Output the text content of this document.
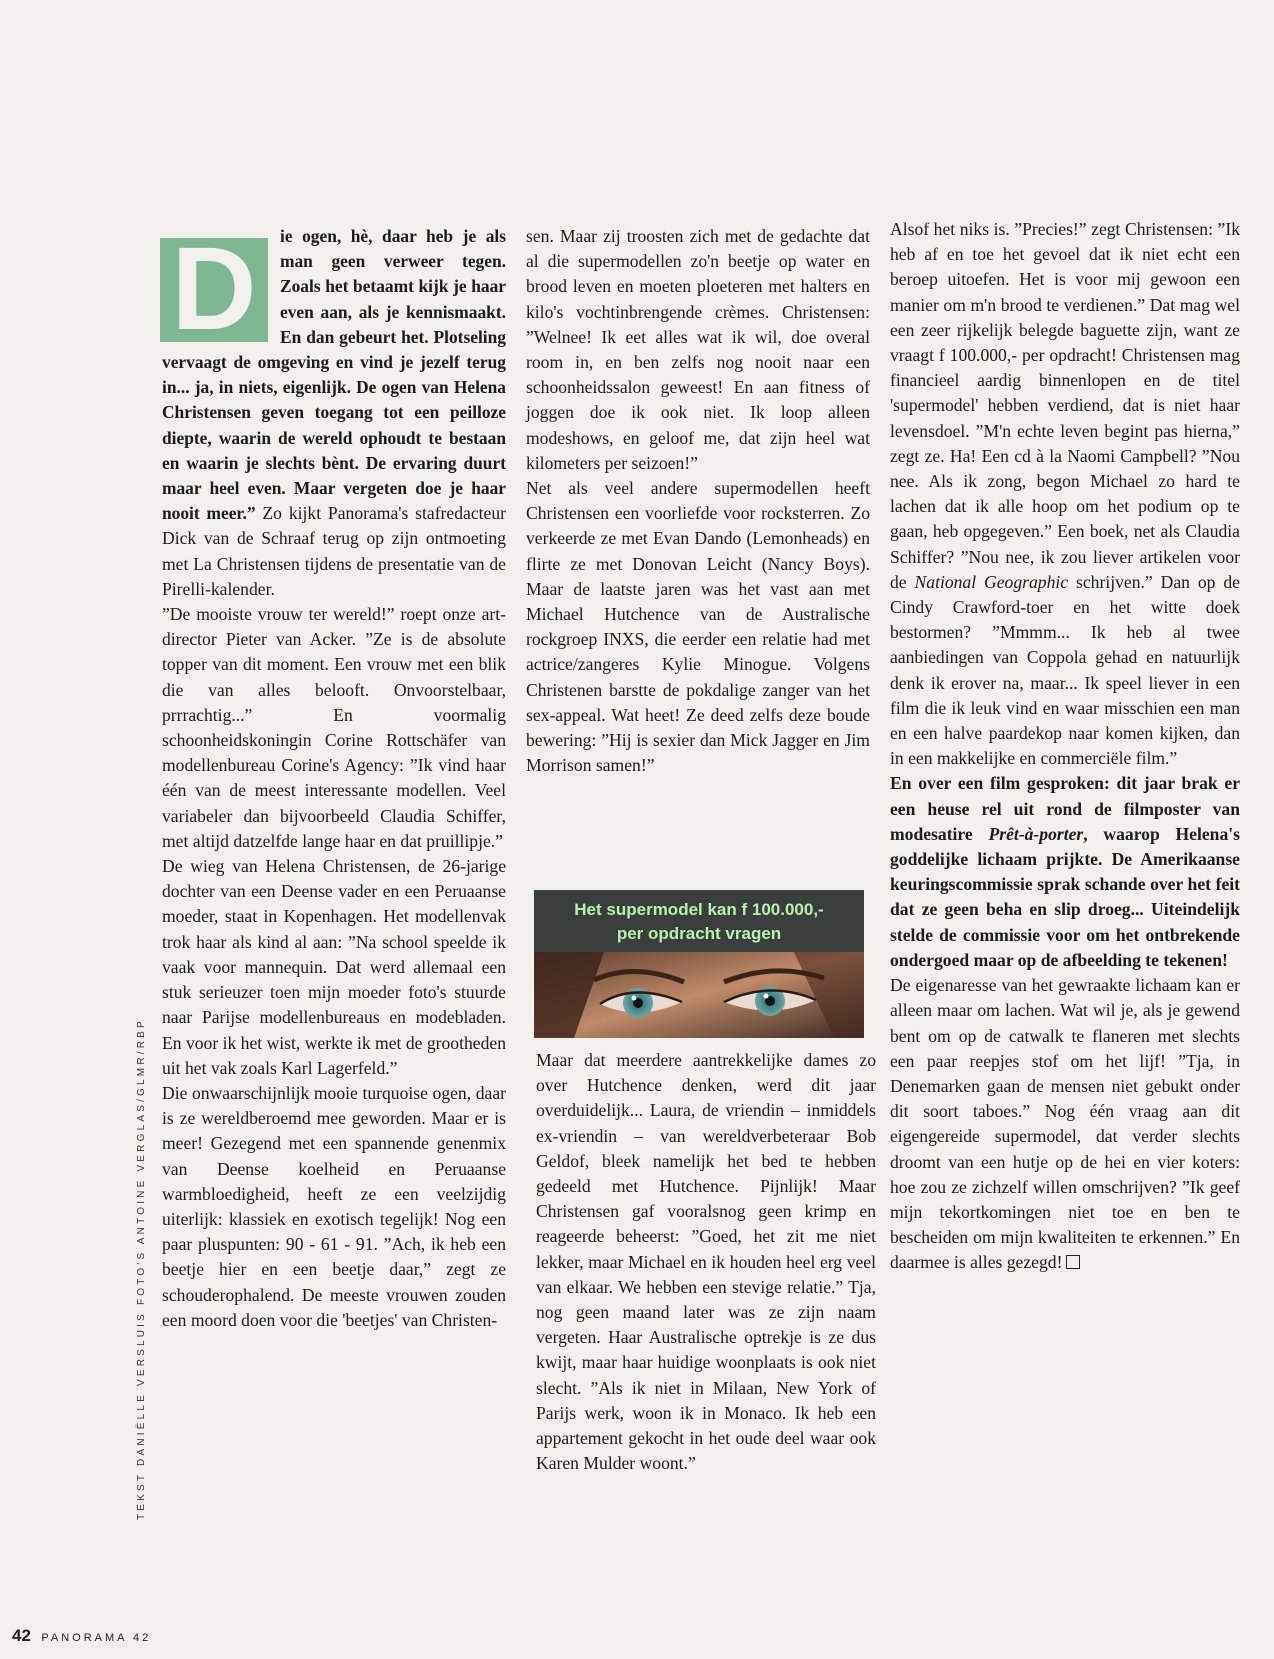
TEKST DANIËLLE VERSLUIS FOTO'S ANTOINE VERGLAS/GLMR/RBP

D	ie ogen, hè, daar heb je als man geen verweer tegen. Zoals het betaamt kijk je haar even aan, als je kennismaakt. En dan gebeurt het. Plotseling vervaagt de omgeving en vind je jezelf terug in... ja, in niets, eigenlijk. De ogen van Helena Christensen geven toegang tot een peilloze diepte, waarin de wereld ophoudt te bestaan en waarin je slechts bènt. De ervaring duurt maar heel even. Maar vergeten doe je haar nooit meer.” Zo kijkt Panorama's stafredacteur Dick van de Schraaf terug op zijn ontmoeting met La Christensen tijdens de presentatie van de Pirelli-kalender.

”De mooiste vrouw ter wereld!” roept onze art-director Pieter van Acker. ”Ze is de absolute topper van dit moment. Een vrouw met een blik die van alles belooft. Onvoorstelbaar, prrrachtig...” En voormalig schoonheidskoningin Corine Rottschäfer van modellenbureau Corine's Agency: ”Ik vind haar één van de meest interessante modellen. Veel variabeler dan bijvoorbeeld Claudia Schiffer, met altijd datzelfde lange haar en dat pruillipje.”

De wieg van Helena Christensen, de 26-jarige dochter van een Deense vader en een Peruaanse moeder, staat in Kopenhagen. Het modellenvak trok haar als kind al aan: ”Na school speelde ik vaak voor mannequin. Dat werd allemaal een stuk serieuzer toen mijn moeder foto's stuurde naar Parijse modellenbureaus en modebladen. En voor ik het wist, werkte ik met de grootheden uit het vak zoals Karl Lagerfeld.”

Die onwaarschijnlijk mooie turquoise ogen, daar is ze wereldberoemd mee geworden. Maar er is meer! Gezegend met een spannende genenmix van Deense koelheid en Peruaanse warmbloedigheid, heeft ze een veelzijdig uiterlijk: klassiek en exotisch tegelijk! Nog een paar pluspunten: 90 - 61 - 91. ”Ach, ik heb een beetje hier en een beetje daar,” zegt ze schouderophalend. De meeste vrouwen zouden een moord doen voor die 'beetjes' van Christen-

sen. Maar zij troosten zich met de gedachte dat al die supermodellen zo'n beetje op water en brood leven en moeten ploeteren met halters en kilo's vochtinbrengende crèmes. Christensen: ”Welnee! Ik eet alles wat ik wil, doe overal room in, en ben zelfs nog nooit naar een schoonheidssalon geweest! En aan fitness of joggen doe ik ook niet. Ik loop alleen modeshows, en geloof me, dat zijn heel wat kilometers per seizoen!”

Net als veel andere supermodellen heeft Christensen een voorliefde voor rocksterren. Zo verkeerde ze met Evan Dando (Lemonheads) en flirte ze met Donovan Leicht (Nancy Boys). Maar de laatste jaren was het vast aan met Michael Hutchence van de Australische rockgroep INXS, die eerder een relatie had met actrice/zangeres Kylie Minogue. Volgens Christenen barstte de pokdalige zanger van het sex-appeal. Wat heet! Ze deed zelfs deze boude bewering: ”Hij is sexier dan Mick Jagger en Jim Morrison samen!”

Het supermodel kan f 100.000,-
per opdracht vragen

Maar dat meerdere aantrekkelijke dames zo over Hutchence denken, werd dit jaar overduidelijk... Laura, de vriendin – inmiddels ex-vriendin – van wereldverbeteraar Bob Geldof, bleek namelijk het bed te hebben gedeeld met Hutchence. Pijnlijk! Maar Christensen gaf vooralsnog geen krimp en reageerde beheerst: ”Goed, het zit me niet lekker, maar Michael en ik houden heel erg veel van elkaar. We hebben een stevige relatie.” Tja, nog geen maand later was ze zijn naam vergeten. Haar Australische optrekje is ze dus kwijt, maar haar huidige woonplaats is ook niet slecht. ”Als ik niet in Milaan, New York of Parijs werk, woon ik in Monaco. Ik heb een appartement gekocht in het oude deel waar ook Karen Mulder woont.”

Alsof het niks is. ”Precies!” zegt Christensen: ”Ik heb af en toe het gevoel dat ik niet echt een beroep uitoefen. Het is voor mij gewoon een manier om m'n brood te verdienen.” Dat mag wel een zeer rijkelijk belegde baguette zijn, want ze vraagt f 100.000,- per opdracht! Christensen mag financieel aardig binnenlopen en de titel 'supermodel' hebben verdiend, dat is niet haar levensdoel. ”M'n echte leven begint pas hierna,” zegt ze. Ha! Een cd à la Naomi Campbell? ”Nou nee. Als ik zong, begon Michael zo hard te lachen dat ik alle hoop om het podium op te gaan, heb opgegeven.” Een boek, net als Claudia Schiffer? ”Nou nee, ik zou liever artikelen voor de National Geographic schrijven.” Dan op de Cindy Crawford-toer en het witte doek bestormen? ”Mmmm... Ik heb al twee aanbiedingen van Coppola gehad en natuurlijk denk ik erover na, maar... Ik speel liever in een film die ik leuk vind en waar misschien een man en een halve paardekop naar komen kijken, dan in een makkelijke en commerciële film.”

En over een film gesproken: dit jaar brak er een heuse rel uit rond de filmposter van modesatire Prêt-à-porter, waarop Helena's goddelijke lichaam prijkte. De Amerikaanse keuringscommissie sprak schande over het feit dat ze geen beha en slip droeg... Uiteindelijk stelde de commissie voor om het ontbrekende ondergoed maar op de afbeelding te tekenen!

De eigenaresse van het gewraakte lichaam kan er alleen maar om lachen. Wat wil je, als je gewend bent om op de catwalk te flaneren met slechts een paar reepjes stof om het lijf! ”Tja, in Denemarken gaan de mensen niet gebukt onder dit soort taboes.” Nog één vraag aan dit eigengereide supermodel, dat verder slechts droomt van een hutje op de hei en vier koters: hoe zou ze zichzelf willen omschrijven? ”Ik geef mijn tekortkomingen niet toe en ben te bescheiden om mijn kwaliteiten te erkennen.” En daarmee is alles gezegd!

42 PANORAMA 42
